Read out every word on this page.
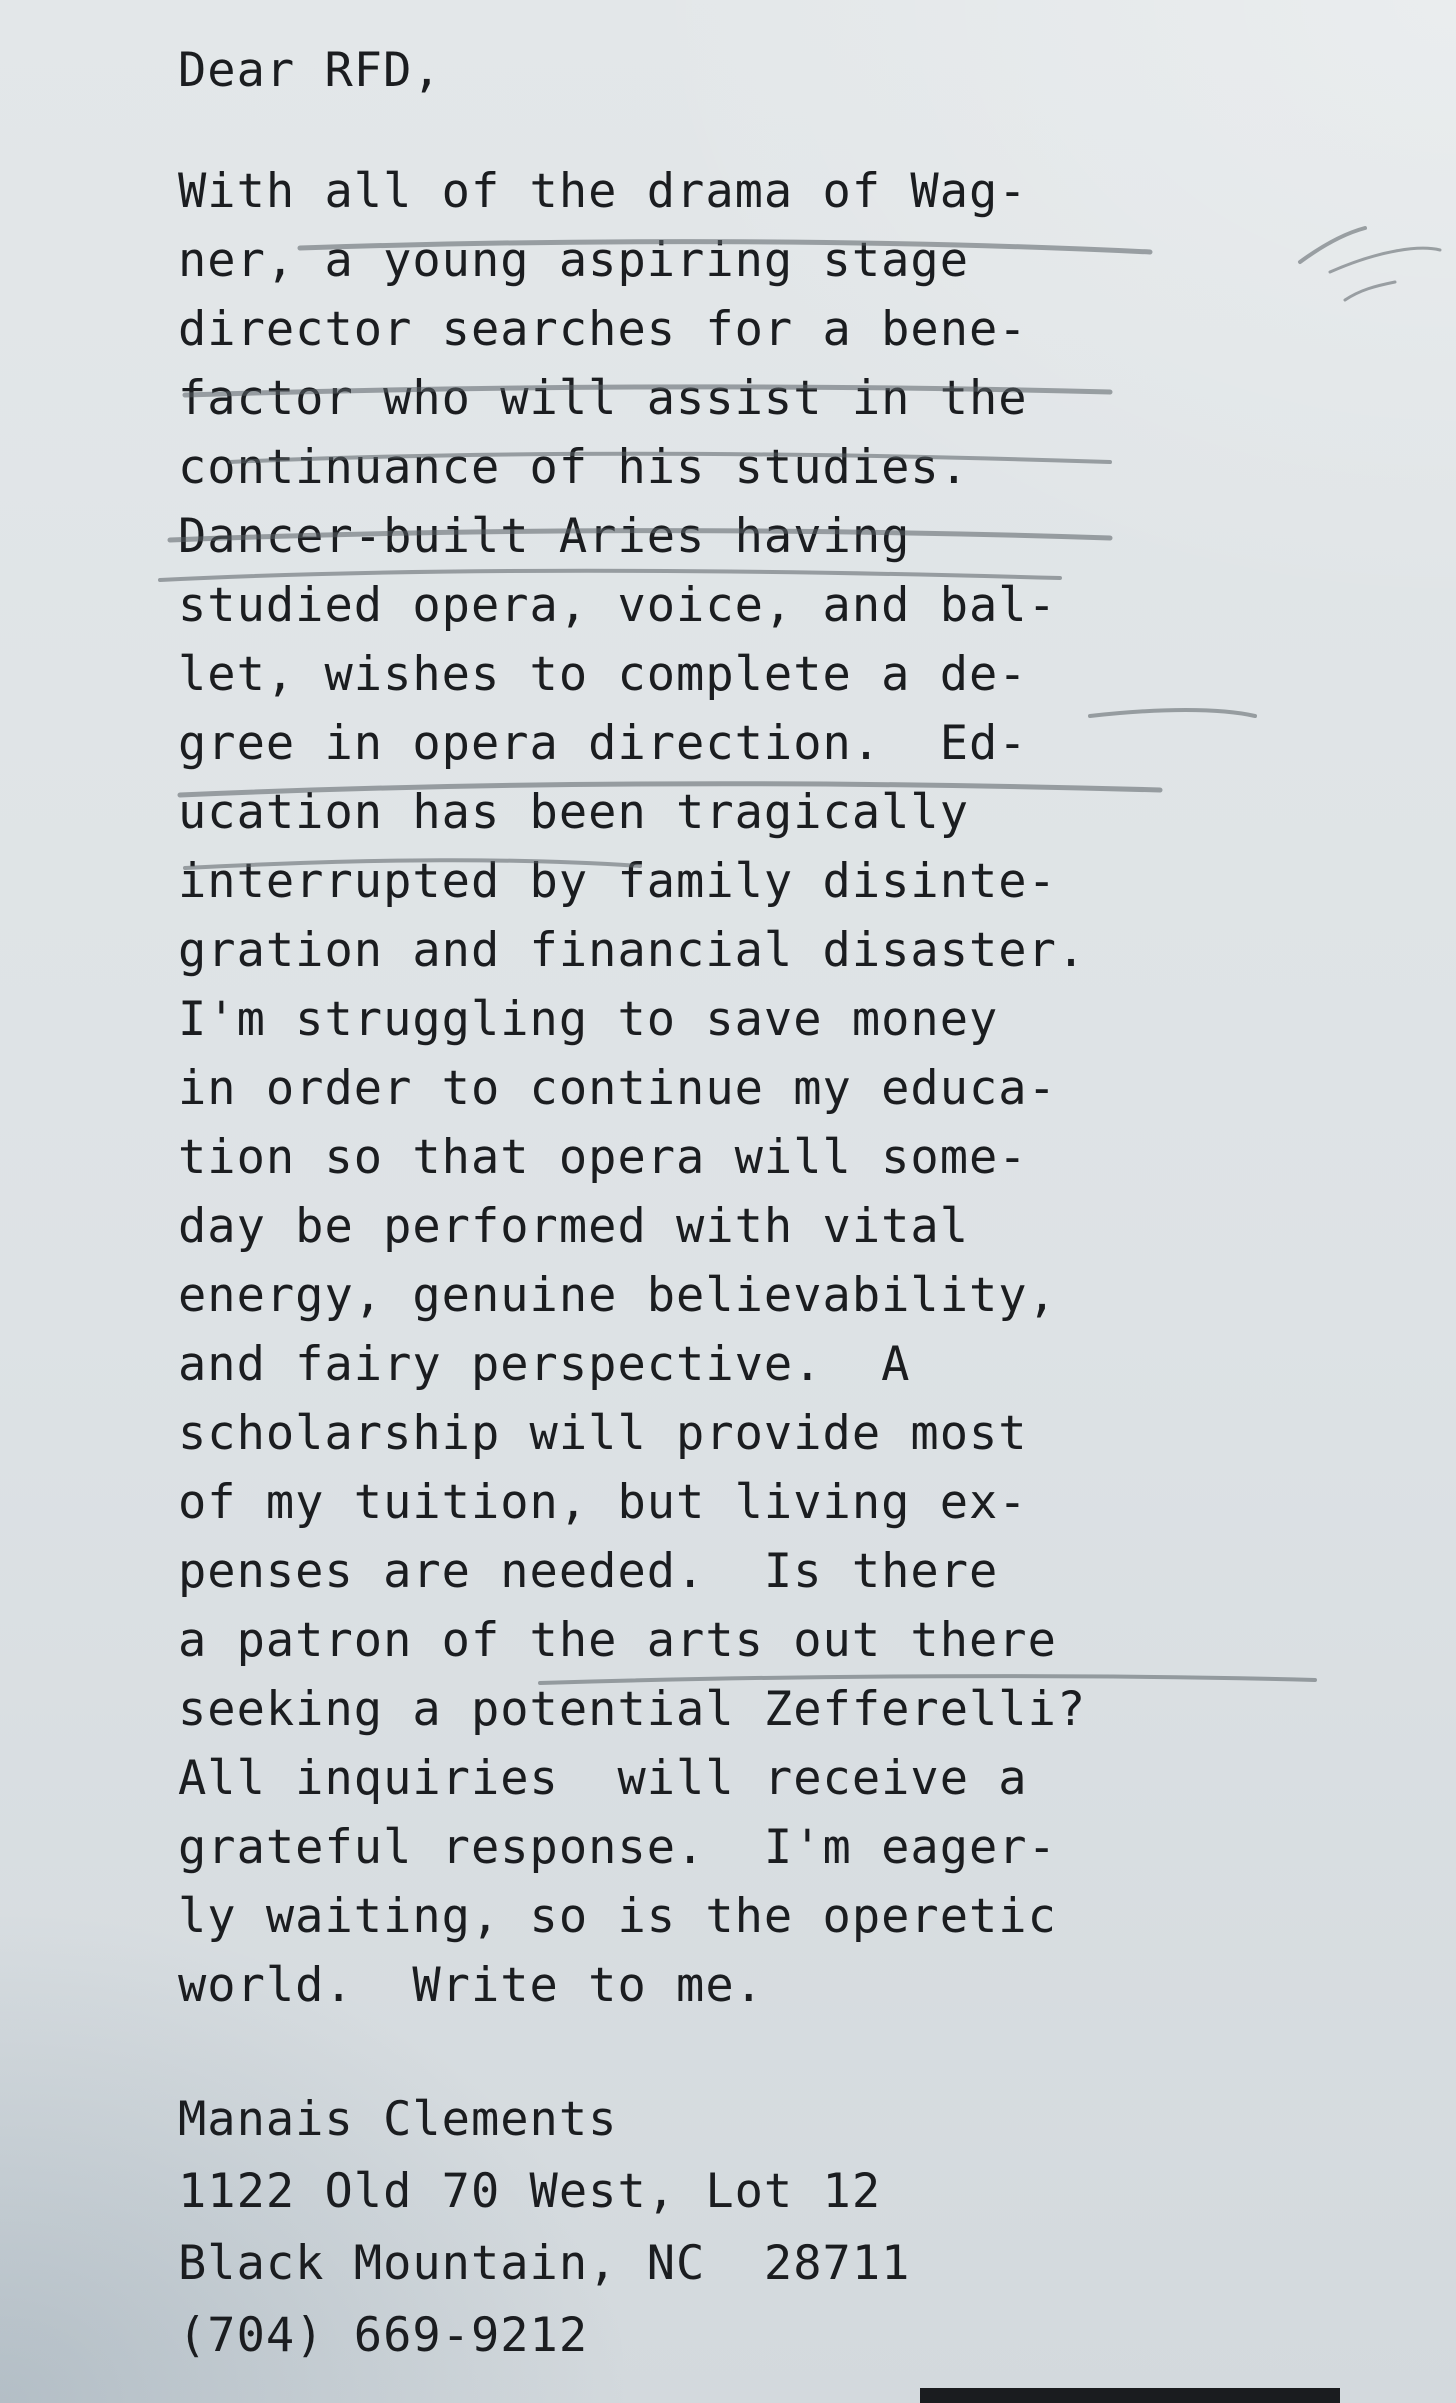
Dear RFD,
With all of the drama of Wag-
ner, a young aspiring stage
director searches for a bene-
factor who will assist in the
continuance of his studies.
Dancer-built Aries having
studied opera, voice, and bal-
let, wishes to complete a de-
gree in opera direction.  Ed-
ucation has been tragically
interrupted by family disinte-
gration and financial disaster.
I'm struggling to save money
in order to continue my educa-
tion so that opera will some-
day be performed with vital
energy, genuine believability,
and fairy perspective.  A
scholarship will provide most
of my tuition, but living ex-
penses are needed.  Is there
a patron of the arts out there
seeking a potential Zefferelli?
All inquiries  will receive a
grateful response.  I'm eager-
ly waiting, so is the operetic
world.  Write to me.
Manais Clements
1122 Old 70 West, Lot 12
Black Mountain, NC  28711
(704) 669-9212
